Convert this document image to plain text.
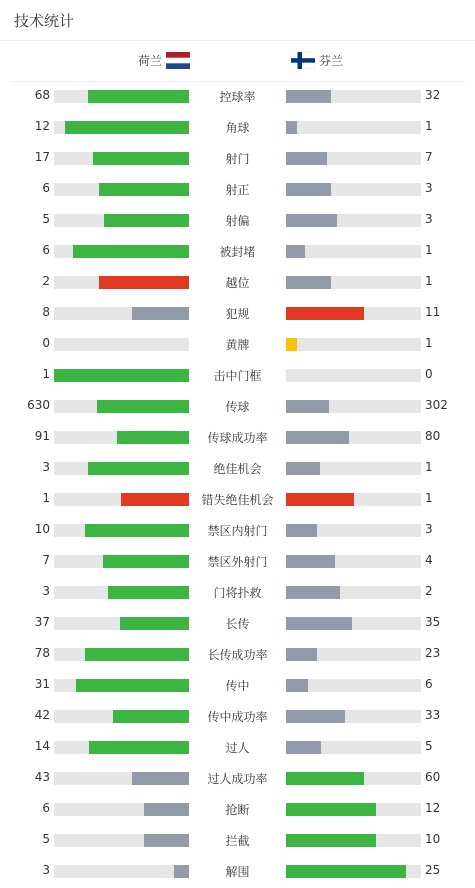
技术统计
荷兰	芬兰
68	控球率	32
12	角球	1
17	射门	7
6	射正	3
5	射偏	3
6	被封堵	1
2	越位	1
8	犯规	11
0	黄牌	1
1	击中门框	0
630	传球	302
91	传球成功率	80
3	绝佳机会	1
1	错失绝佳机会	1
10	禁区内射门	3
7	禁区外射门	4
3	门将扑救	2
37	长传	35
78	长传成功率	23
31	传中	6
42	传中成功率	33
14	过人	5
43	过人成功率	60
6	抢断	12
5	拦截	10
3	解围	25
